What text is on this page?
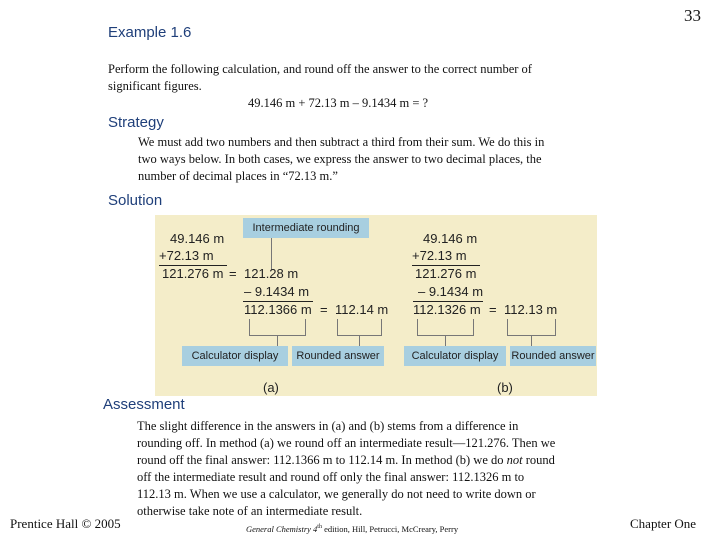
33
Example 1.6
Perform the following calculation, and round off the answer to the correct number of
significant figures.
49.146 m + 72.13 m – 9.1434 m = ?
Strategy
We must add two numbers and then subtract a third from their sum. We do this in
two ways below. In both cases, we express the answer to two decimal places, the
number of decimal places in “72.13 m.”
Solution
Intermediate rounding
49.146 m
+72.13 m
121.276 m = 121.28 m
– 9.1434 m
112.1366 m = 112.14 m
(a)
Calculator display Rounded answer
49.146 m
+72.13 m
121.276 m
– 9.1434 m
112.1326 m = 112.13 m
(b)
Calculator display Rounded answer
Assessment
The slight difference in the answers in (a) and (b) stems from a difference in
rounding off. In method (a) we round off an intermediate result—121.276. Then we
round off the final answer: 112.1366 m to 112.14 m. In method (b) we do not round
off the intermediate result and round off only the final answer: 112.1326 m to
112.13 m. When we use a calculator, we generally do not need to write down or
otherwise take note of an intermediate result.
Prentice Hall © 2005	General Chemistry 4th edition, Hill, Petrucci, McCreary, Perry	Chapter One
